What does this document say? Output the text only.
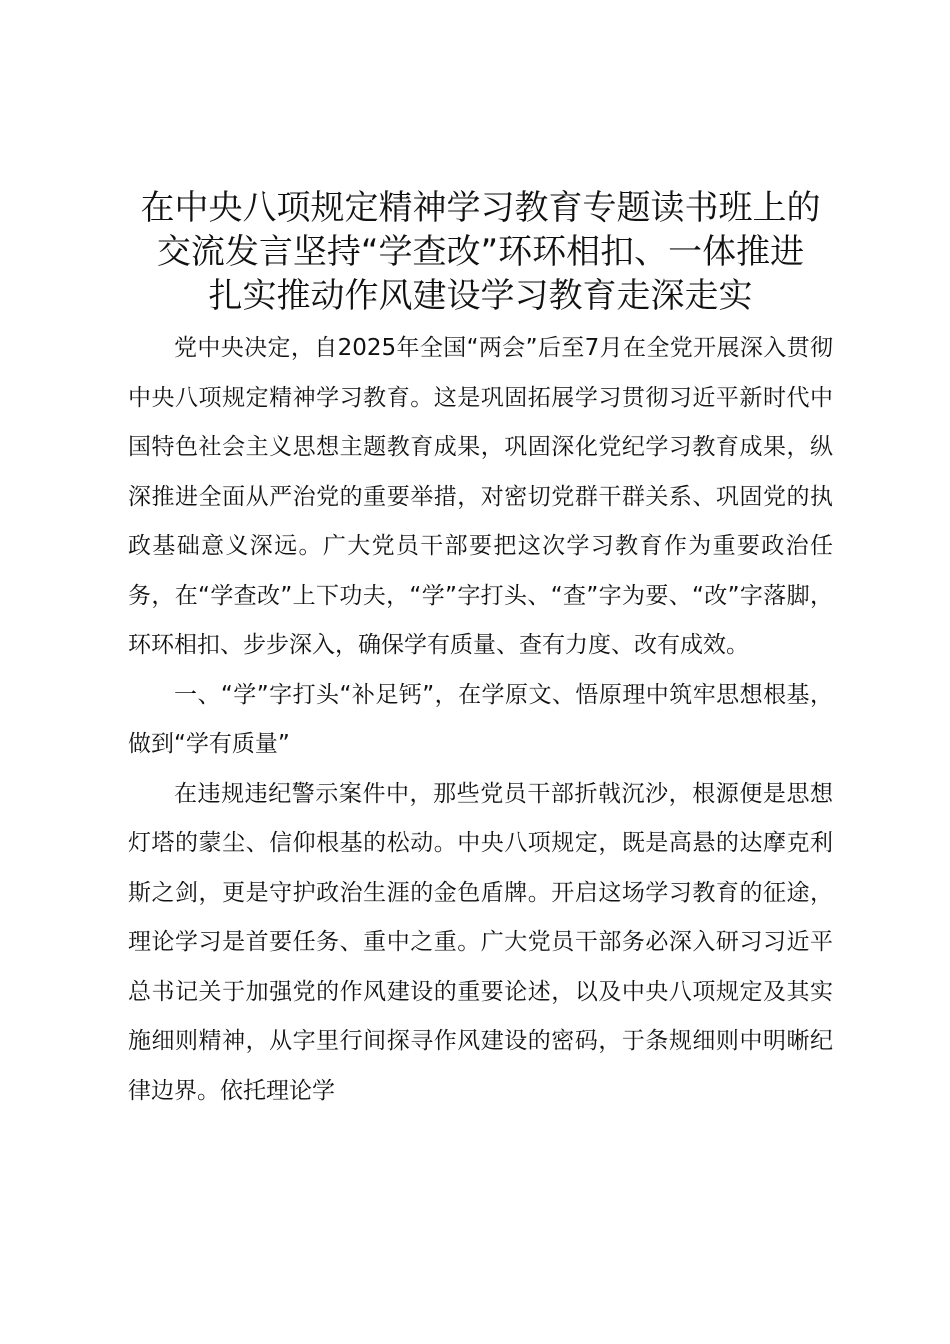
在中央八项规定精神学习教育专题读书班上的
交流发言坚持“学查改”环环相扣、一体推进
扎实推动作风建设学习教育走深走实

党中央决定，自2025年全国“两会”后至7月在全党开展深入贯彻中央八项规定精神学习教育。这是巩固拓展学习贯彻习近平新时代中国特色社会主义思想主题教育成果，巩固深化党纪学习教育成果，纵深推进全面从严治党的重要举措，对密切党群干群关系、巩固党的执政基础意义深远。广大党员干部要把这次学习教育作为重要政治任务，在“学查改”上下功夫，“学”字打头、“查”字为要、“改”字落脚，环环相扣、步步深入，确保学有质量、查有力度、改有成效。

一、“学”字打头“补足钙”，在学原文、悟原理中筑牢思想根基，做到“学有质量”

在违规违纪警示案件中，那些党员干部折戟沉沙，根源便是思想灯塔的蒙尘、信仰根基的松动。中央八项规定，既是高悬的达摩克利斯之剑，更是守护政治生涯的金色盾牌。开启这场学习教育的征途，理论学习是首要任务、重中之重。广大党员干部务必深入研习习近平总书记关于加强党的作风建设的重要论述，以及中央八项规定及其实施细则精神，从字里行间探寻作风建设的密码，于条规细则中明晰纪律边界。依托理论学
